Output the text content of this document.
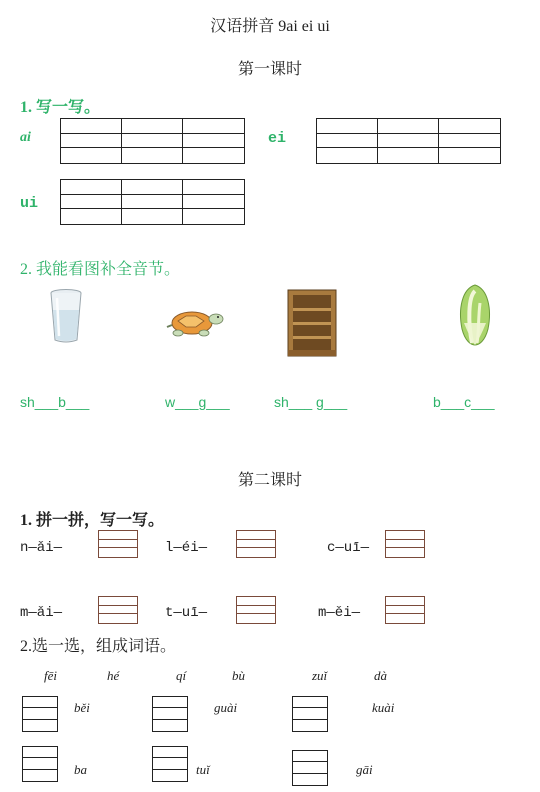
汉语拼音 9ai ei ui
第一课时
1. 写一写。
ai	ei
ui
2. 我能看图补全音节。
sh___b___	w___g___	sh___ g___	b___c___
第二课时
1. 拼一拼，写一写。
n—ǎi—	l—éi—	c—uī—
m—ǎi—	t—uī—	m—ěi—
2.选一选，组成词语。
fēi	hé	qí	bù	zuǐ	dà
běi	guài	kuài
ba	tuǐ	gāi
